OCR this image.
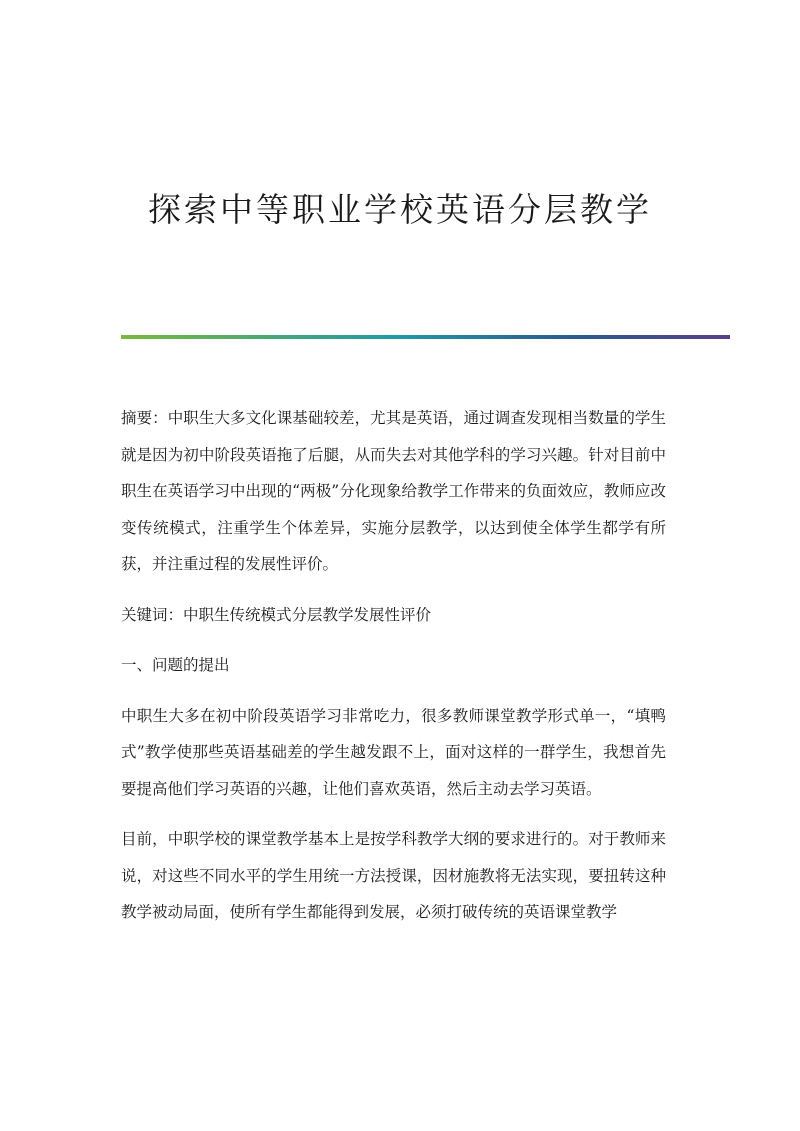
探索中等职业学校英语分层教学

摘要：中职生大多文化课基础较差，尤其是英语，通过调查发现相当数量的学生就是因为初中阶段英语拖了后腿，从而失去对其他学科的学习兴趣。针对目前中职生在英语学习中出现的“两极”分化现象给教学工作带来的负面效应，教师应改变传统模式，注重学生个体差异，实施分层教学，以达到使全体学生都学有所获，并注重过程的发展性评价。

关键词：中职生传统模式分层教学发展性评价

一、问题的提出

中职生大多在初中阶段英语学习非常吃力，很多教师课堂教学形式单一，“填鸭式”教学使那些英语基础差的学生越发跟不上，面对这样的一群学生，我想首先要提高他们学习英语的兴趣，让他们喜欢英语，然后主动去学习英语。

目前，中职学校的课堂教学基本上是按学科教学大纲的要求进行的。对于教师来说，对这些不同水平的学生用统一方法授课，因材施教将无法实现，要扭转这种教学被动局面，使所有学生都能得到发展，必须打破传统的英语课堂教学
